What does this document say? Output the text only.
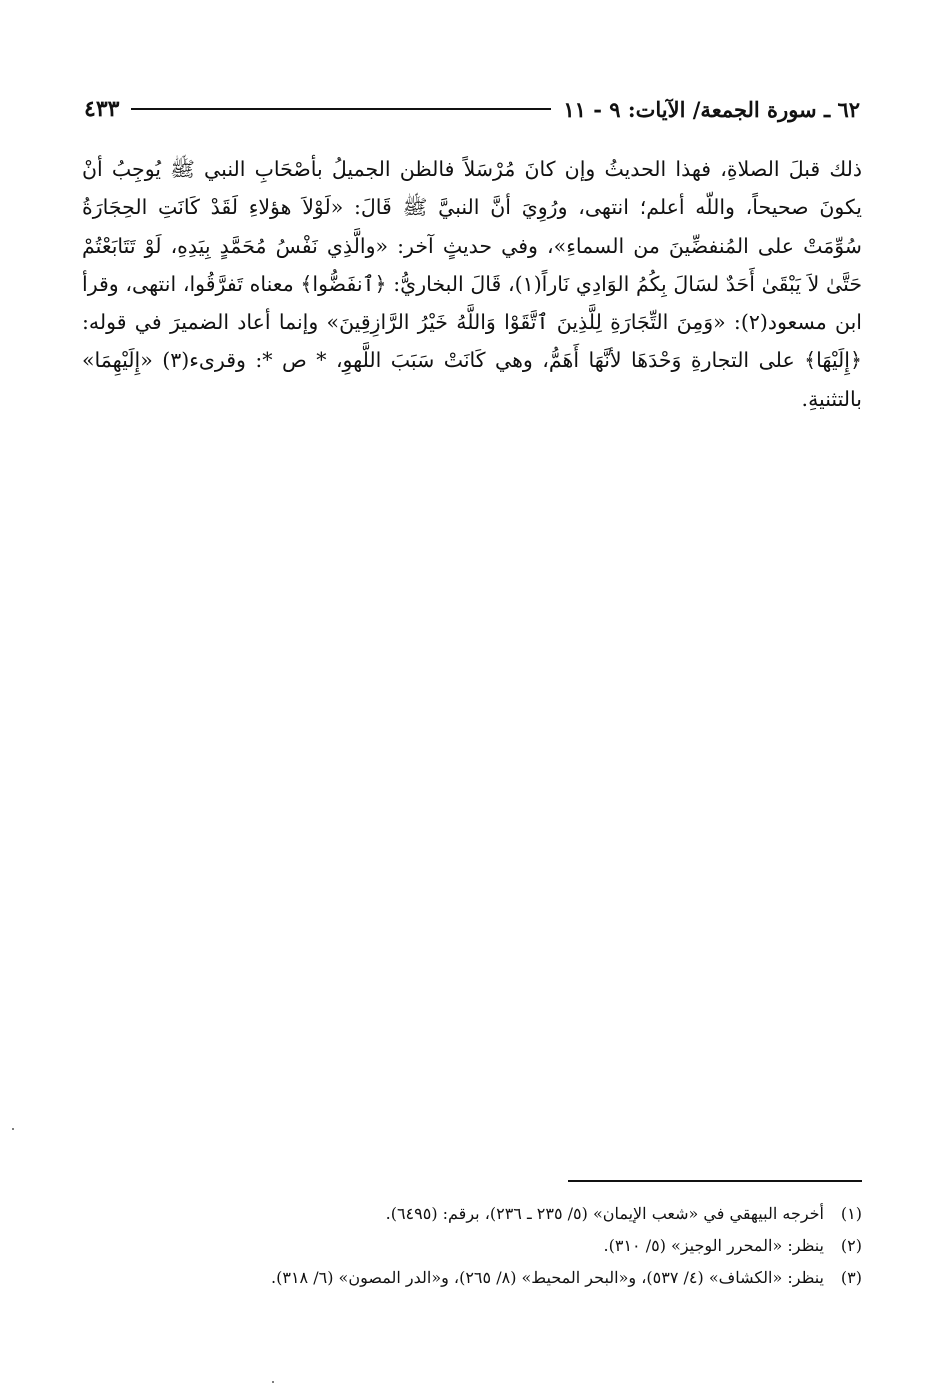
٦٢ ـ سورة الجمعة/ الآيات: ٩ - ١١
٤٣٣

ذلك قبلَ الصلاةِ، فهذا الحديثُ وإن كانَ مُرْسَلاً فالظن الجميلُ بأصْحَابِ النبي ﷺ يُوجِبُ أنْ يكونَ صحيحاً، واللّه أعلم؛ انتهى، ورُوِيَ أنَّ النبيَّ ﷺ قَالَ: «لَوْلاَ هؤلاءِ لَقَدْ كَانَتِ الحِجَارَةُ سُوِّمَتْ على المُنفضِّينَ من السماءِ»، وفي حديثٍ آخر: «والَّذِي نَفْسُ مُحَمَّدٍ بِيَدِهِ، لَوْ تَتَابَعْتُمْ حَتَّىٰ لاَ يَبْقَىٰ أَحَدٌ لسَالَ بِكُمُ الوَادِي نَاراً(١)، قَالَ البخاريُّ: ﴿ٱنفَضُّوا﴾ معناه تَفرَّقُوا، انتهى، وقرأ ابن مسعود(٢): «وَمِنَ التِّجَارَةِ لِلَّذِينَ ٱتَّقَوْا وَاللَّهُ خَيْرُ الرَّازِقِينَ» وإنما أعاد الضميرَ في قوله: ﴿إِلَيْهَا﴾ على التجارةِ وَحْدَهَا لأنَّهَا أَهَمُّ، وهي كَانَتْ سَبَبَ اللَّهوِ، * ص *: وقرىء(٣) «إِلَيْهِمَا» بالتثنيةِ.

(١)
أخرجه البيهقي في «شعب الإيمان» (٥/ ٢٣٥ ـ ٢٣٦)، برقم: (٦٤٩٥).
(٢)
ينظر: «المحرر الوجيز» (٥/ ٣١٠).
(٣)
ينظر: «الكشاف» (٤/ ٥٣٧)، و«البحر المحيط» (٨/ ٢٦٥)، و«الدر المصون» (٦/ ٣١٨).
